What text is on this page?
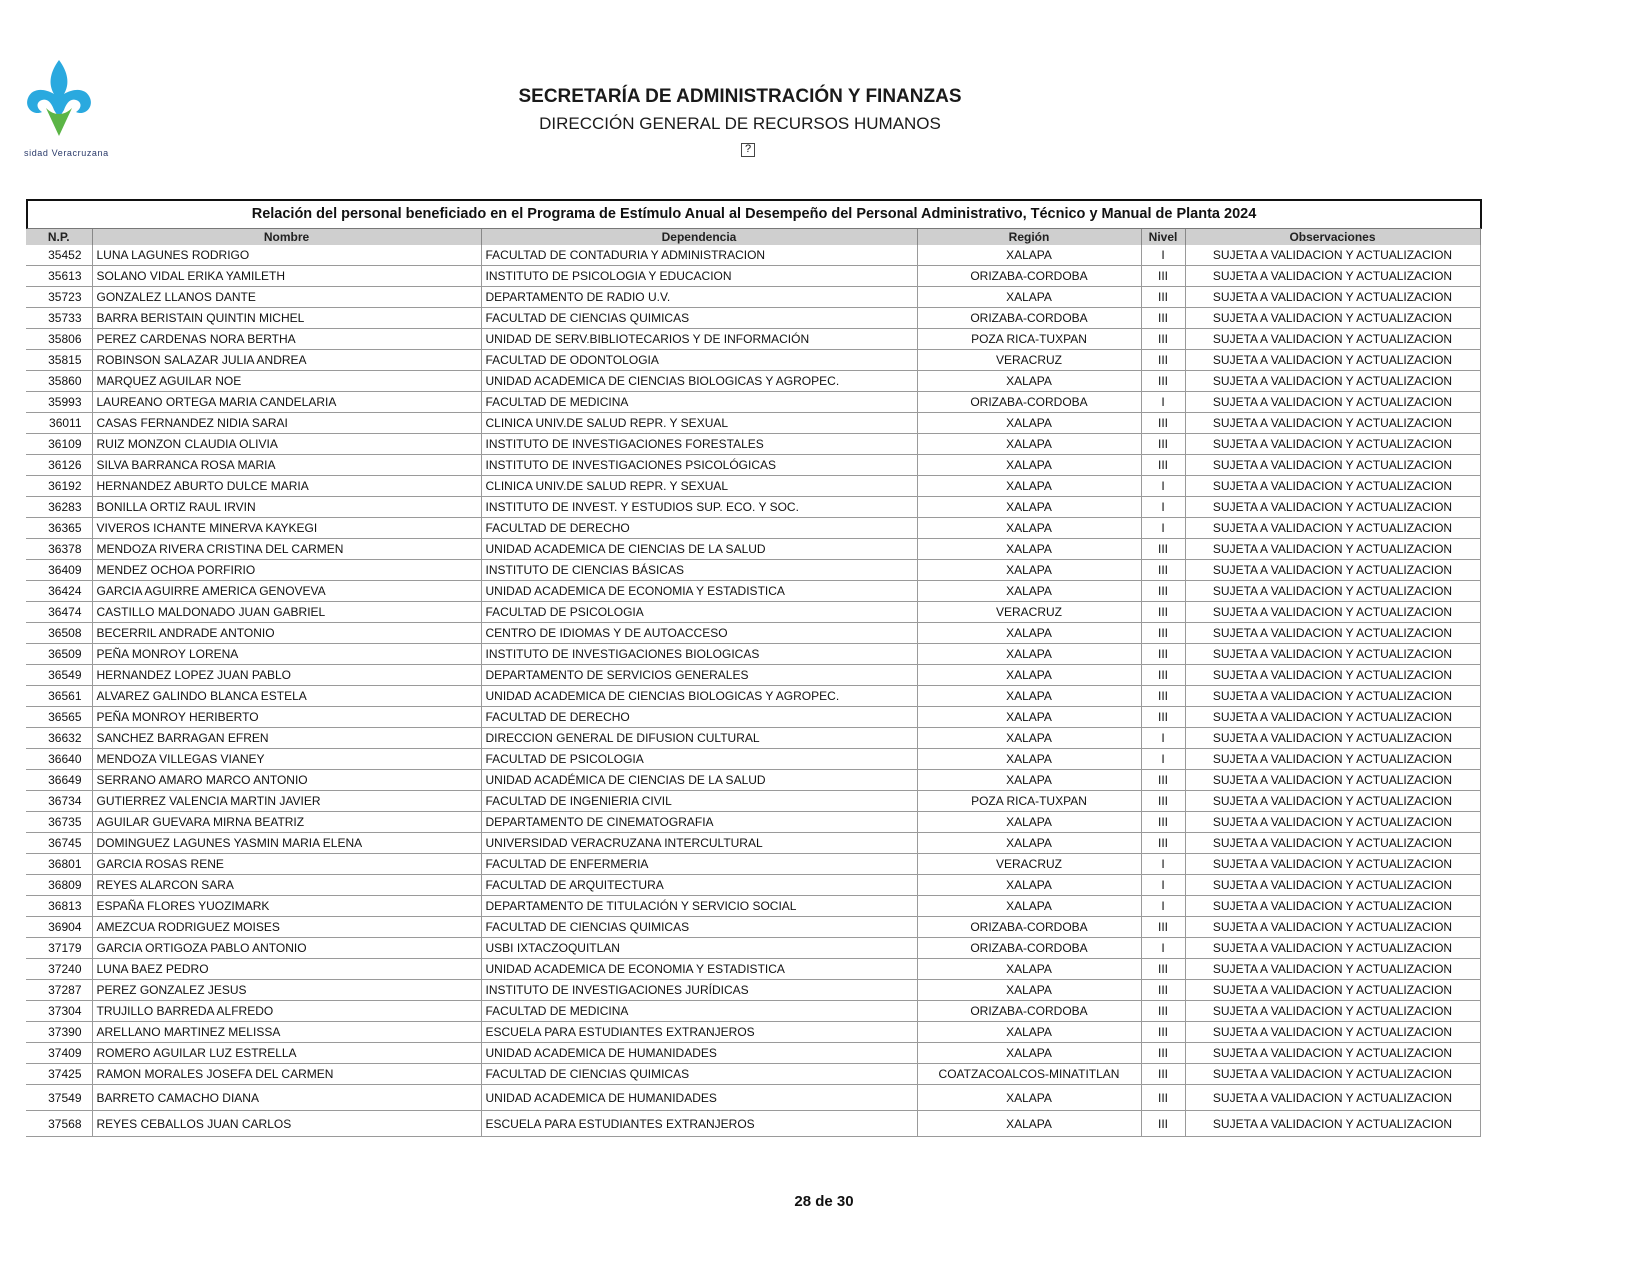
sidad Veracruzana
SECRETARÍA DE ADMINISTRACIÓN Y FINANZAS
DIRECCIÓN GENERAL DE RECURSOS HUMANOS
?
Relación del personal beneficiado en el Programa de Estímulo Anual al Desempeño del Personal Administrativo, Técnico y Manual de Planta 2024
N.P.	Nombre	Dependencia	Región	Nivel	Observaciones
35452	LUNA LAGUNES RODRIGO	FACULTAD DE CONTADURIA Y ADMINISTRACION	XALAPA	I	SUJETA A VALIDACION Y ACTUALIZACION
35613	SOLANO VIDAL ERIKA YAMILETH	INSTITUTO DE PSICOLOGIA Y EDUCACION	ORIZABA-CORDOBA	III	SUJETA A VALIDACION Y ACTUALIZACION
35723	GONZALEZ LLANOS DANTE	DEPARTAMENTO DE RADIO U.V.	XALAPA	III	SUJETA A VALIDACION Y ACTUALIZACION
35733	BARRA BERISTAIN QUINTIN MICHEL	FACULTAD DE CIENCIAS QUIMICAS	ORIZABA-CORDOBA	III	SUJETA A VALIDACION Y ACTUALIZACION
35806	PEREZ CARDENAS NORA BERTHA	UNIDAD DE SERV.BIBLIOTECARIOS Y DE INFORMACIÓN	POZA RICA-TUXPAN	III	SUJETA A VALIDACION Y ACTUALIZACION
35815	ROBINSON SALAZAR JULIA ANDREA	FACULTAD DE ODONTOLOGIA	VERACRUZ	III	SUJETA A VALIDACION Y ACTUALIZACION
35860	MARQUEZ AGUILAR NOE	UNIDAD ACADEMICA DE CIENCIAS BIOLOGICAS Y AGROPEC.	XALAPA	III	SUJETA A VALIDACION Y ACTUALIZACION
35993	LAUREANO ORTEGA MARIA CANDELARIA	FACULTAD DE MEDICINA	ORIZABA-CORDOBA	I	SUJETA A VALIDACION Y ACTUALIZACION
36011	CASAS FERNANDEZ NIDIA SARAI	CLINICA UNIV.DE SALUD REPR. Y SEXUAL	XALAPA	III	SUJETA A VALIDACION Y ACTUALIZACION
36109	RUIZ MONZON CLAUDIA OLIVIA	INSTITUTO DE INVESTIGACIONES FORESTALES	XALAPA	III	SUJETA A VALIDACION Y ACTUALIZACION
36126	SILVA BARRANCA ROSA MARIA	INSTITUTO DE INVESTIGACIONES PSICOLÓGICAS	XALAPA	III	SUJETA A VALIDACION Y ACTUALIZACION
36192	HERNANDEZ ABURTO DULCE MARIA	CLINICA UNIV.DE SALUD REPR. Y SEXUAL	XALAPA	I	SUJETA A VALIDACION Y ACTUALIZACION
36283	BONILLA ORTIZ RAUL IRVIN	INSTITUTO DE INVEST. Y ESTUDIOS SUP. ECO. Y SOC.	XALAPA	I	SUJETA A VALIDACION Y ACTUALIZACION
36365	VIVEROS ICHANTE MINERVA KAYKEGI	FACULTAD DE DERECHO	XALAPA	I	SUJETA A VALIDACION Y ACTUALIZACION
36378	MENDOZA RIVERA CRISTINA DEL CARMEN	UNIDAD ACADEMICA DE CIENCIAS DE LA SALUD	XALAPA	III	SUJETA A VALIDACION Y ACTUALIZACION
36409	MENDEZ OCHOA PORFIRIO	INSTITUTO DE CIENCIAS BÁSICAS	XALAPA	III	SUJETA A VALIDACION Y ACTUALIZACION
36424	GARCIA AGUIRRE AMERICA GENOVEVA	UNIDAD ACADEMICA DE ECONOMIA Y ESTADISTICA	XALAPA	III	SUJETA A VALIDACION Y ACTUALIZACION
36474	CASTILLO MALDONADO JUAN GABRIEL	FACULTAD DE PSICOLOGIA	VERACRUZ	III	SUJETA A VALIDACION Y ACTUALIZACION
36508	BECERRIL ANDRADE ANTONIO	CENTRO DE IDIOMAS Y DE AUTOACCESO	XALAPA	III	SUJETA A VALIDACION Y ACTUALIZACION
36509	PEÑA MONROY LORENA	INSTITUTO DE INVESTIGACIONES BIOLOGICAS	XALAPA	III	SUJETA A VALIDACION Y ACTUALIZACION
36549	HERNANDEZ LOPEZ JUAN PABLO	DEPARTAMENTO DE SERVICIOS GENERALES	XALAPA	III	SUJETA A VALIDACION Y ACTUALIZACION
36561	ALVAREZ GALINDO BLANCA ESTELA	UNIDAD ACADEMICA DE CIENCIAS BIOLOGICAS Y AGROPEC.	XALAPA	III	SUJETA A VALIDACION Y ACTUALIZACION
36565	PEÑA MONROY HERIBERTO	FACULTAD DE DERECHO	XALAPA	III	SUJETA A VALIDACION Y ACTUALIZACION
36632	SANCHEZ BARRAGAN EFREN	DIRECCION GENERAL DE DIFUSION CULTURAL	XALAPA	I	SUJETA A VALIDACION Y ACTUALIZACION
36640	MENDOZA VILLEGAS VIANEY	FACULTAD DE PSICOLOGIA	XALAPA	I	SUJETA A VALIDACION Y ACTUALIZACION
36649	SERRANO AMARO MARCO ANTONIO	UNIDAD ACADÉMICA DE CIENCIAS DE LA SALUD	XALAPA	III	SUJETA A VALIDACION Y ACTUALIZACION
36734	GUTIERREZ VALENCIA MARTIN JAVIER	FACULTAD DE INGENIERIA CIVIL	POZA RICA-TUXPAN	III	SUJETA A VALIDACION Y ACTUALIZACION
36735	AGUILAR GUEVARA MIRNA BEATRIZ	DEPARTAMENTO DE CINEMATOGRAFIA	XALAPA	III	SUJETA A VALIDACION Y ACTUALIZACION
36745	DOMINGUEZ LAGUNES YASMIN MARIA ELENA	UNIVERSIDAD VERACRUZANA INTERCULTURAL	XALAPA	III	SUJETA A VALIDACION Y ACTUALIZACION
36801	GARCIA ROSAS RENE	FACULTAD DE ENFERMERIA	VERACRUZ	I	SUJETA A VALIDACION Y ACTUALIZACION
36809	REYES ALARCON SARA	FACULTAD DE ARQUITECTURA	XALAPA	I	SUJETA A VALIDACION Y ACTUALIZACION
36813	ESPAÑA FLORES YUOZIMARK	DEPARTAMENTO DE TITULACIÓN Y SERVICIO SOCIAL	XALAPA	I	SUJETA A VALIDACION Y ACTUALIZACION
36904	AMEZCUA RODRIGUEZ MOISES	FACULTAD DE CIENCIAS QUIMICAS	ORIZABA-CORDOBA	III	SUJETA A VALIDACION Y ACTUALIZACION
37179	GARCIA ORTIGOZA PABLO ANTONIO	USBI IXTACZOQUITLAN	ORIZABA-CORDOBA	I	SUJETA A VALIDACION Y ACTUALIZACION
37240	LUNA BAEZ PEDRO	UNIDAD ACADEMICA DE ECONOMIA Y ESTADISTICA	XALAPA	III	SUJETA A VALIDACION Y ACTUALIZACION
37287	PEREZ GONZALEZ JESUS	INSTITUTO DE INVESTIGACIONES JURÍDICAS	XALAPA	III	SUJETA A VALIDACION Y ACTUALIZACION
37304	TRUJILLO BARREDA ALFREDO	FACULTAD DE MEDICINA	ORIZABA-CORDOBA	III	SUJETA A VALIDACION Y ACTUALIZACION
37390	ARELLANO MARTINEZ MELISSA	ESCUELA PARA ESTUDIANTES EXTRANJEROS	XALAPA	III	SUJETA A VALIDACION Y ACTUALIZACION
37409	ROMERO AGUILAR LUZ ESTRELLA	UNIDAD ACADEMICA DE HUMANIDADES	XALAPA	III	SUJETA A VALIDACION Y ACTUALIZACION
37425	RAMON MORALES JOSEFA DEL CARMEN	FACULTAD DE CIENCIAS QUIMICAS	COATZACOALCOS-MINATITLAN	III	SUJETA A VALIDACION Y ACTUALIZACION
37549	BARRETO CAMACHO DIANA	UNIDAD ACADEMICA DE HUMANIDADES	XALAPA	III	SUJETA A VALIDACION Y ACTUALIZACION
37568	REYES CEBALLOS JUAN CARLOS	ESCUELA PARA ESTUDIANTES EXTRANJEROS	XALAPA	III	SUJETA A VALIDACION Y ACTUALIZACION
28 de 30
